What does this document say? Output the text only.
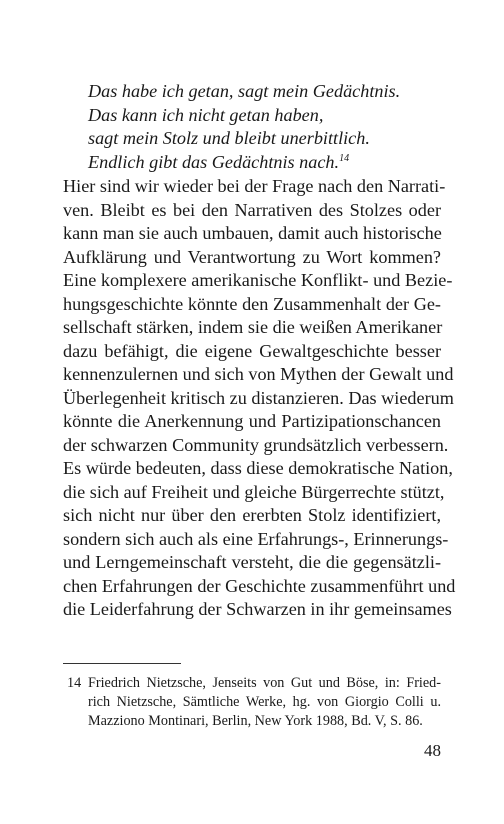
Das habe ich getan, sagt mein Gedächtnis.
Das kann ich nicht getan haben,
sagt mein Stolz und bleibt unerbittlich.
Endlich gibt das Gedächtnis nach.$^{14}$
Hier sind wir wieder bei der Frage nach den Narrati-
ven. Bleibt es bei den Narrativen des Stolzes oder
kann man sie auch umbauen, damit auch historische
Aufklärung und Verantwortung zu Wort kommen?
Eine komplexere amerikanische Konflikt- und Bezie-
hungsgeschichte könnte den Zusammenhalt der Ge-
sellschaft stärken, indem sie die weißen Amerikaner
dazu befähigt, die eigene Gewaltgeschichte besser
kennenzulernen und sich von Mythen der Gewalt und
Überlegenheit kritisch zu distanzieren. Das wiederum
könnte die Anerkennung und Partizipationschancen
der schwarzen Community grundsätzlich verbessern.
Es würde bedeuten, dass diese demokratische Nation,
die sich auf Freiheit und gleiche Bürgerrechte stützt,
sich nicht nur über den ererbten Stolz identifiziert,
sondern sich auch als eine Erfahrungs-, Erinnerungs-
und Lerngemeinschaft versteht, die die gegensätzli-
chen Erfahrungen der Geschichte zusammenführt und
die Leiderfahrung der Schwarzen in ihr gemeinsames
14 Friedrich Nietzsche, Jenseits von Gut und Böse, in: Fried-
rich Nietzsche, Sämtliche Werke, hg. von Giorgio Colli u.
Mazziono Montinari, Berlin, New York 1988, Bd. V, S. 86.
48
